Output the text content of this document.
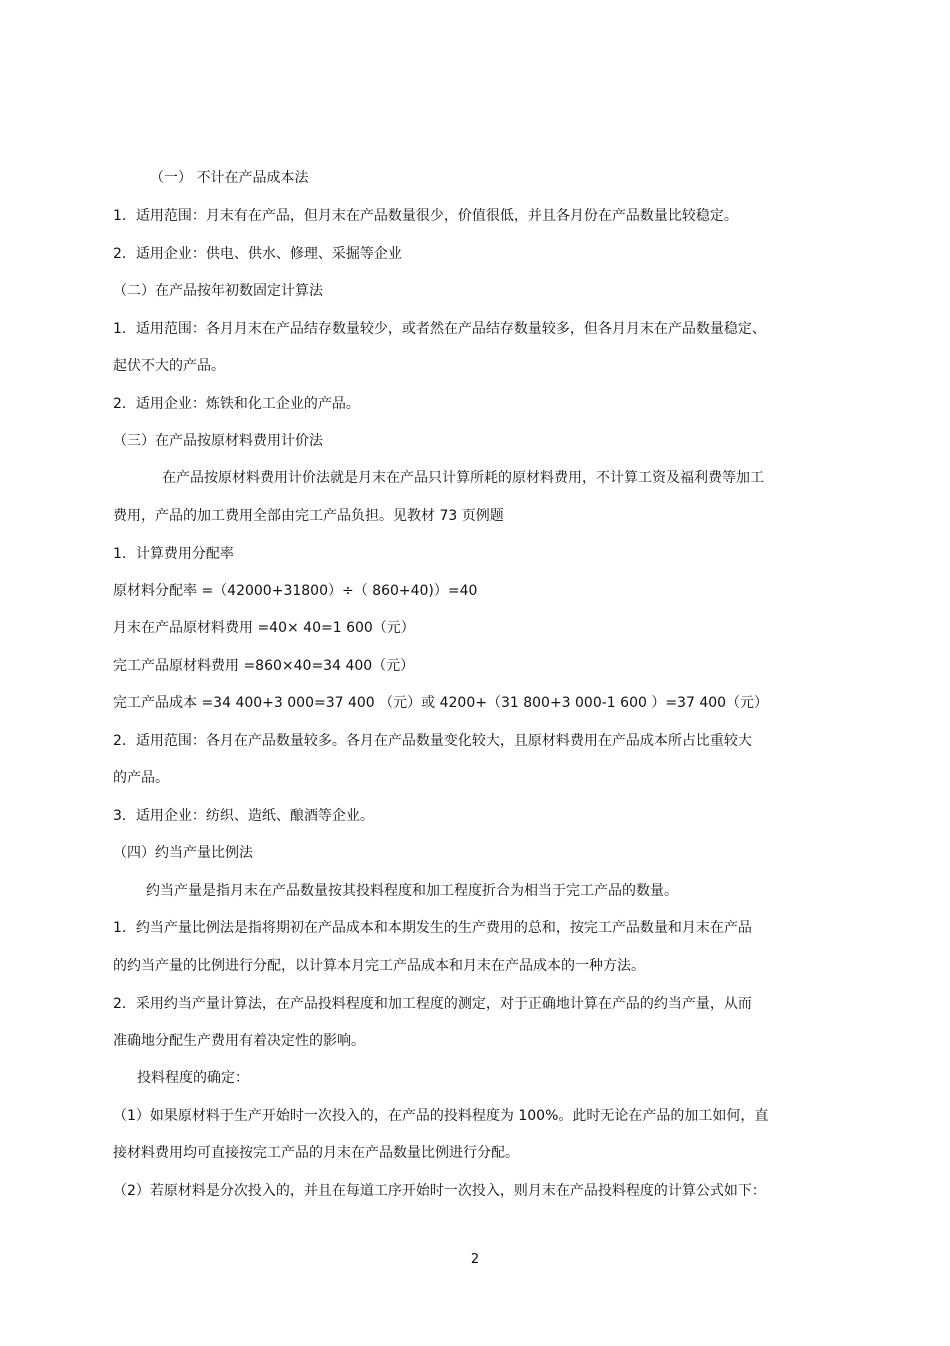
（一） 不计在产品成本法
1．适用范围：月末有在产品，但月末在产品数量很少，价值很低，并且各月份在产品数量比较稳定。
2．适用企业：供电、供水、修理、采掘等企业
（二）在产品按年初数固定计算法
1．适用范围：各月月末在产品结存数量较少，或者然在产品结存数量较多，但各月月末在产品数量稳定、
起伏不大的产品。
2．适用企业：炼铁和化工企业的产品。
（三）在产品按原材料费用计价法
在产品按原材料费用计价法就是月末在产品只计算所耗的原材料费用，不计算工资及福利费等加工
费用，产品的加工费用全部由完工产品负担。见教材 73 页例题
1．计算费用分配率
原材料分配率 =（42000+31800）÷（ 860+40)）=40
月末在产品原材料费用 =40× 40=1 600（元）
完工产品原材料费用 =860×40=34 400（元）
完工产品成本 =34 400+3 000=37 400 （元）或 4200+（31 800+3 000-1 600 ）=37 400（元）
2．适用范围：各月在产品数量较多。各月在产品数量变化较大，且原材料费用在产品成本所占比重较大
的产品。
3．适用企业：纺织、造纸、酿酒等企业。
（四）约当产量比例法
约当产量是指月末在产品数量按其投料程度和加工程度折合为相当于完工产品的数量。
1．约当产量比例法是指将期初在产品成本和本期发生的生产费用的总和，按完工产品数量和月末在产品
的约当产量的比例进行分配，以计算本月完工产品成本和月末在产品成本的一种方法。
2．采用约当产量计算法，在产品投料程度和加工程度的测定，对于正确地计算在产品的约当产量，从而
准确地分配生产费用有着决定性的影响。
投料程度的确定：
（1）如果原材料于生产开始时一次投入的，在产品的投料程度为 100%。此时无论在产品的加工如何，直
接材料费用均可直接按完工产品的月末在产品数量比例进行分配。
（2）若原材料是分次投入的，并且在每道工序开始时一次投入，则月末在产品投料程度的计算公式如下：
2
